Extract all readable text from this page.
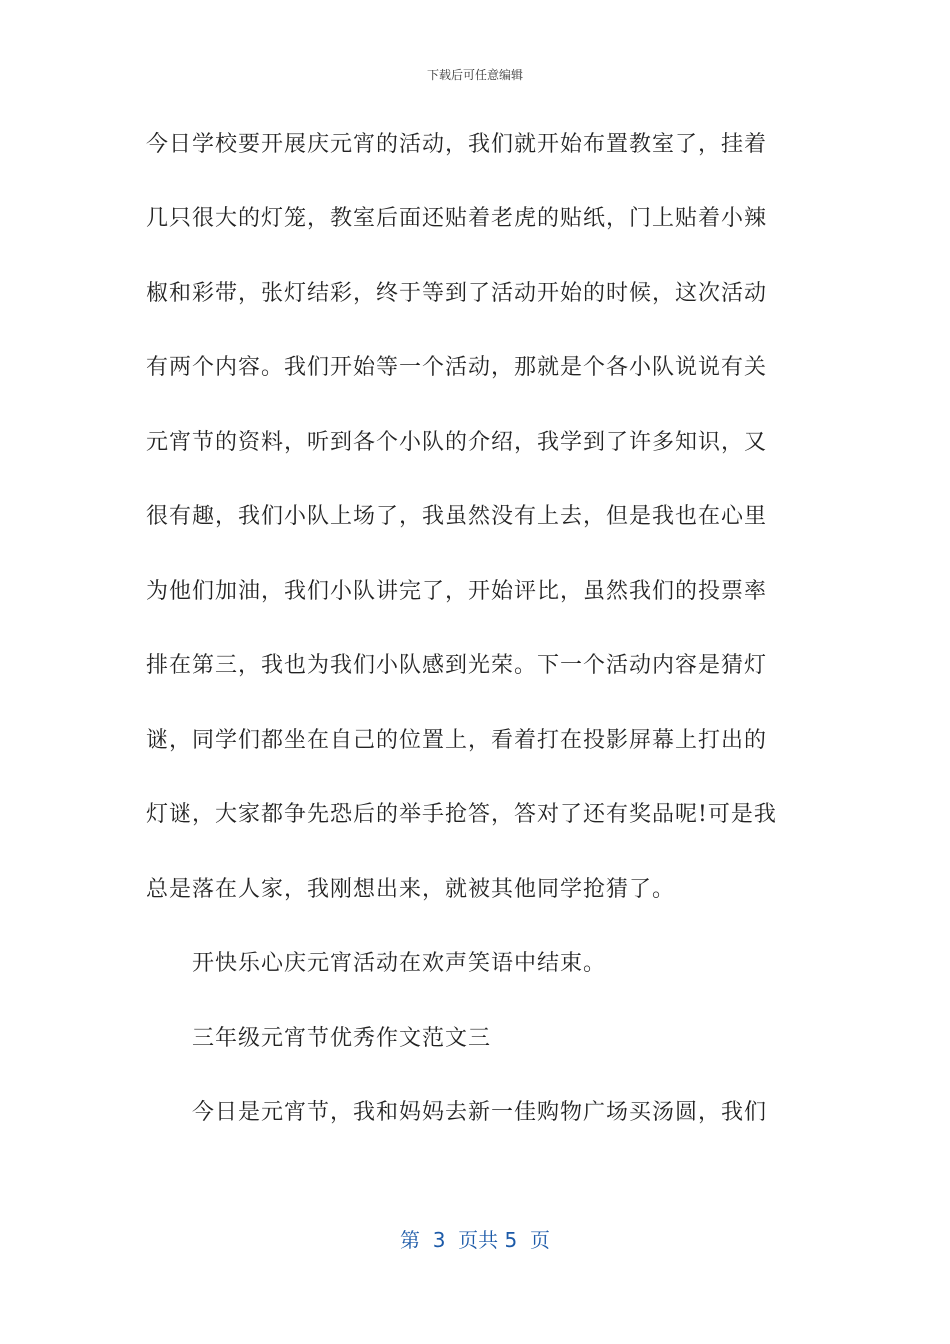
下载后可任意编辑
今日学校要开展庆元宵的活动，我们就开始布置教室了，挂着
几只很大的灯笼，教室后面还贴着老虎的贴纸，门上贴着小辣
椒和彩带，张灯结彩，终于等到了活动开始的时候，这次活动
有两个内容。我们开始等一个活动，那就是个各小队说说有关
元宵节的资料，听到各个小队的介绍，我学到了许多知识，又
很有趣，我们小队上场了，我虽然没有上去，但是我也在心里
为他们加油，我们小队讲完了，开始评比，虽然我们的投票率
排在第三，我也为我们小队感到光荣。下一个活动内容是猜灯
谜，同学们都坐在自己的位置上，看着打在投影屏幕上打出的
灯谜，大家都争先恐后的举手抢答，答对了还有奖品呢!可是我
总是落在人家，我刚想出来，就被其他同学抢猜了。
开快乐心庆元宵活动在欢声笑语中结束。
三年级元宵节优秀作文范文三
今日是元宵节，我和妈妈去新一佳购物广场买汤圆，我们
第  3  页共 5  页
